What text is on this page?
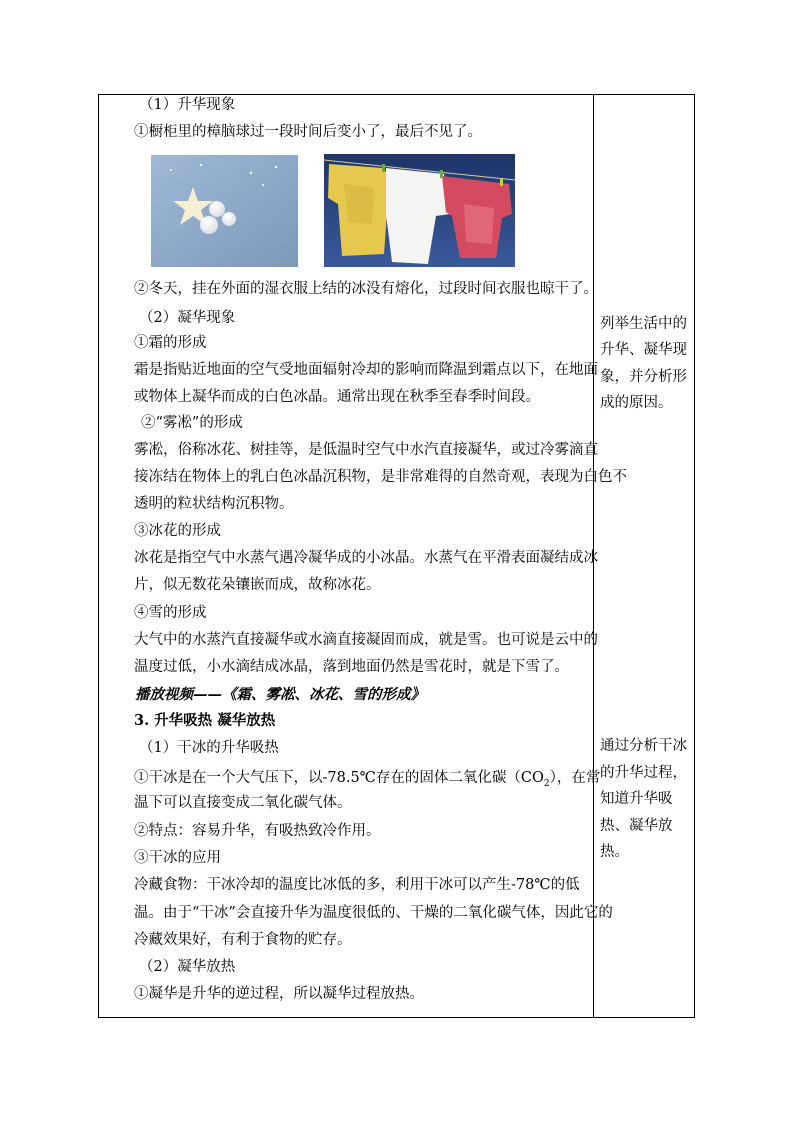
（1）升华现象
①橱柜里的樟脑球过一段时间后变小了，最后不见了。
②冬天，挂在外面的湿衣服上结的冰没有熔化，过段时间衣服也晾干了。
（2）凝华现象
①霜的形成
霜是指贴近地面的空气受地面辐射冷却的影响而降温到霜点以下，在地面
或物体上凝华而成的白色冰晶。通常出现在秋季至春季时间段。
②“雾凇”的形成
雾凇，俗称冰花、树挂等，是低温时空气中水汽直接凝华，或过冷雾滴直
接冻结在物体上的乳白色冰晶沉积物，是非常难得的自然奇观，表现为白色不
透明的粒状结构沉积物。
③冰花的形成
冰花是指空气中水蒸气遇冷凝华成的小冰晶。水蒸气在平滑表面凝结成冰
片，似无数花朵镶嵌而成，故称冰花。
④雪的形成
大气中的水蒸汽直接凝华或水滴直接凝固而成，就是雪。也可说是云中的
温度过低，小水滴结成冰晶，落到地面仍然是雪花时，就是下雪了。
播放视频——《霜、雾凇、冰花、雪的形成》
3. 升华吸热 凝华放热
（1）干冰的升华吸热
①干冰是在一个大气压下，以-78.5℃存在的固体二氧化碳$(CO_2)$，在常
温下可以直接变成二氧化碳气体。
②特点：容易升华，有吸热致冷作用。
③干冰的应用
冷藏食物：干冰冷却的温度比冰低的多，利用干冰可以产生-78℃的低
温。由于“干冰”会直接升华为温度很低的、干燥的二氧化碳气体，因此它的
冷藏效果好，有利于食物的贮存。
（2）凝华放热
①凝华是升华的逆过程，所以凝华过程放热。
列举生活中的
升华、凝华现
象，并分析形
成的原因。
通过分析干冰
的升华过程，
知道升华吸
热、凝华放
热。
